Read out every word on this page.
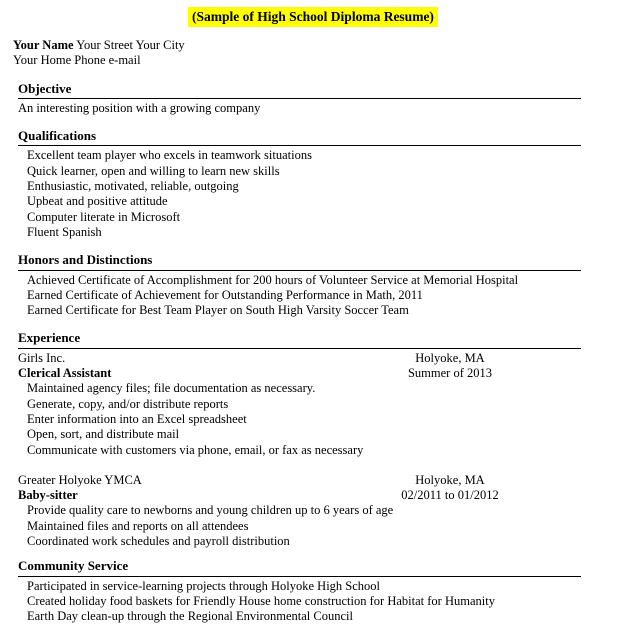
(Sample of High School Diploma Resume)
Your Name Your Street Your City
Your Home Phone e-mail
Objective
An interesting position with a growing company
Qualifications
Excellent team player who excels in teamwork situations
Quick learner, open and willing to learn new skills
Enthusiastic, motivated, reliable, outgoing
Upbeat and positive attitude
Computer literate in Microsoft
Fluent Spanish
Honors and Distinctions
Achieved Certificate of Accomplishment for 200 hours of Volunteer Service at Memorial Hospital
Earned Certificate of Achievement for Outstanding Performance in Math, 2011
Earned Certificate for Best Team Player on South High Varsity Soccer Team
Experience
Girls Inc.	Holyoke, MA
Clerical Assistant	Summer of 2013
Maintained agency files; file documentation as necessary.
Generate, copy, and/or distribute reports
Enter information into an Excel spreadsheet
Open, sort, and distribute mail
Communicate with customers via phone, email, or fax as necessary
Greater Holyoke YMCA	Holyoke, MA
Baby-sitter	02/2011 to 01/2012
Provide quality care to newborns and young children up to 6 years of age
Maintained files and reports on all attendees
Coordinated work schedules and payroll distribution
Community Service
Participated in service-learning projects through Holyoke High School
Created holiday food baskets for Friendly House home construction for Habitat for Humanity
Earth Day clean-up through the Regional Environmental Council
